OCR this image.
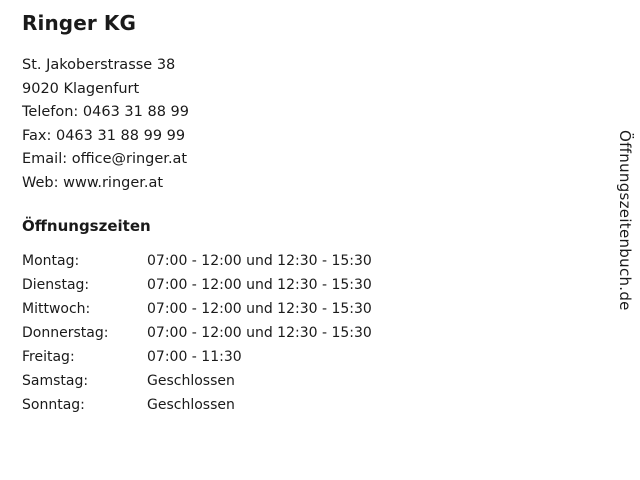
Ringer KG
St. Jakoberstrasse 38
9020 Klagenfurt
Telefon: 0463 31 88 99
Fax: 0463 31 88 99 99
Email: office@ringer.at
Web: www.ringer.at
Öffnungszeiten
Montag:	07:00 - 12:00 und 12:30 - 15:30
Dienstag:	07:00 - 12:00 und 12:30 - 15:30
Mittwoch:	07:00 - 12:00 und 12:30 - 15:30
Donnerstag:	07:00 - 12:00 und 12:30 - 15:30
Freitag:	07:00 - 11:30
Samstag:	Geschlossen
Sonntag:	Geschlossen
Öffnungszeitenbuch.de
